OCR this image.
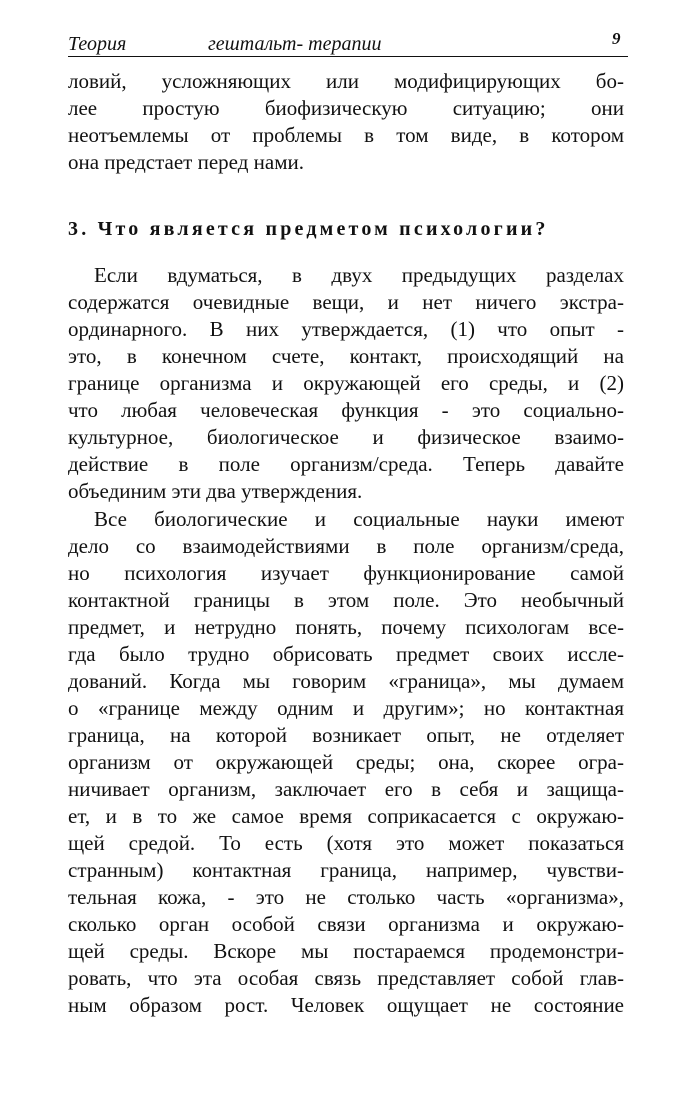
Теория	гештальт- терапии	9
ловий, усложняющих или модифицирующих бо-
лее простую биофизическую ситуацию; они
неотъемлемы от проблемы в том виде, в котором
она предстает перед нами.
3. Что является предметом психологии?
Если вдуматься, в двух предыдущих разделах
содержатся очевидные вещи, и нет ничего экстра-
ординарного. В них утверждается, (1) что опыт -
это, в конечном счете, контакт, происходящий на
границе организма и окружающей его среды, и (2)
что любая человеческая функция - это социально-
культурное, биологическое и физическое взаимо-
действие в поле организм/среда. Теперь давайте
объединим эти два утверждения.
Все биологические и социальные науки имеют
дело со взаимодействиями в поле организм/среда,
но психология изучает функционирование самой
контактной границы в этом поле. Это необычный
предмет, и нетрудно понять, почему психологам все-
гда было трудно обрисовать предмет своих иссле-
дований. Когда мы говорим «граница», мы думаем
о «границе между одним и другим»; но контактная
граница, на которой возникает опыт, не отделяет
организм от окружающей среды; она, скорее огра-
ничивает организм, заключает его в себя и защища-
ет, и в то же самое время соприкасается с окружаю-
щей средой. То есть (хотя это может показаться
странным) контактная граница, например, чувстви-
тельная кожа, - это не столько часть «организма»,
сколько орган особой связи организма и окружаю-
щей среды. Вскоре мы постараемся продемонстри-
ровать, что эта особая связь представляет собой глав-
ным образом рост. Человек ощущает не состояние
